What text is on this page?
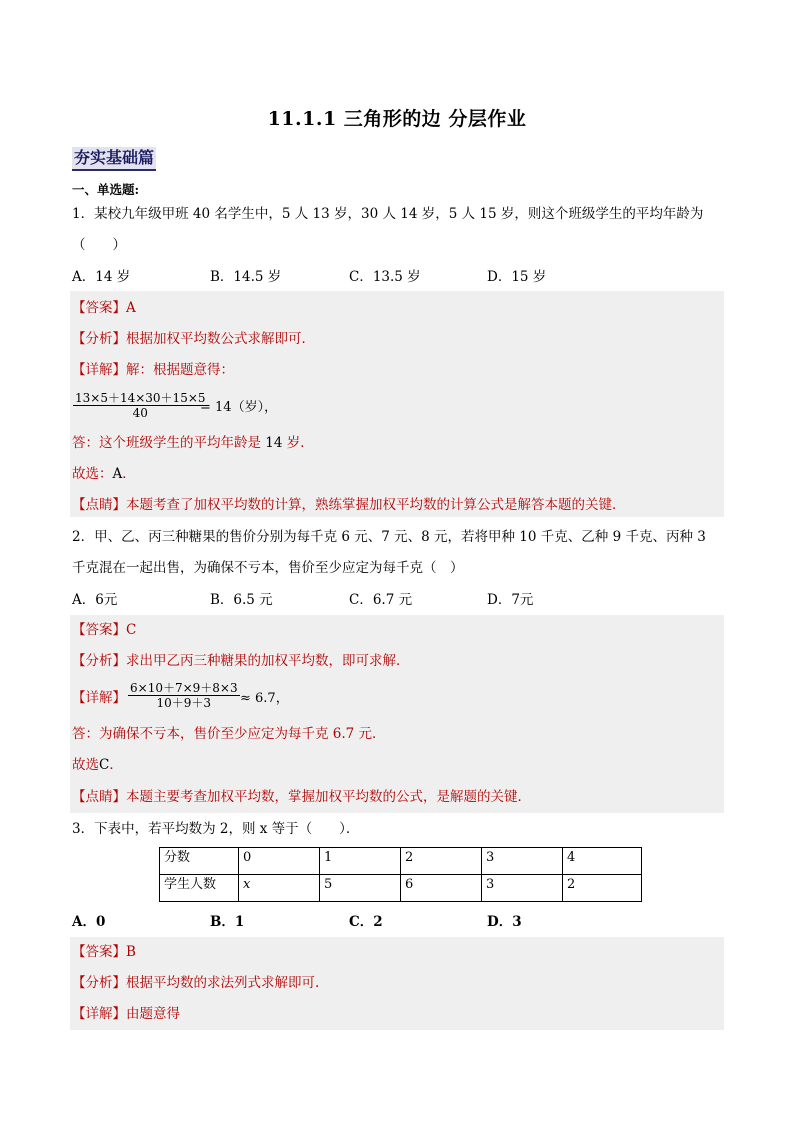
11.1.1 三角形的边 分层作业
夯实基础篇
一、单选题:
1．某校九年级甲班 40 名学生中，5 人 13 岁，30 人 14 岁，5 人 15 岁，则这个班级学生的平均年龄为
（　　）
A．14 岁	B．14.5 岁	C．13.5 岁	D．15 岁
【答案】A
【分析】根据加权平均数公式求解即可．
【详解】解：根据题意得：
$\frac{13\times 5+14\times 30+15\times 5}{40}$
= 14（岁），
答：这个班级学生的平均年龄是 14 岁．
故选：A．
【点睛】本题考查了加权平均数的计算，熟练掌握加权平均数的计算公式是解答本题的关键．
2．甲、乙、丙三种糖果的售价分别为每千克 6 元、7 元、8 元，若将甲种 10 千克、乙种 9 千克、丙种 3
千克混在一起出售，为确保不亏本，售价至少应定为每千克（　）
A．6元	B．6.5 元	C．6.7 元	D．7元
【答案】C
【分析】求出甲乙丙三种糖果的加权平均数，即可求解．
【详解】 $\frac{6\times 10+7\times 9+8\times 3}{10+9+3} \approx 6.7$，
答：为确保不亏本，售价至少应定为每千克 6.7 元．
故选C．
【点睛】本题主要考查加权平均数，掌握加权平均数的公式，是解题的关键．
3．下表中，若平均数为 2，则 x 等于（　　）．
分数	0	1	2	3	4
学生人数	x	5	6	3	2
A．0	B．1	C．2	D．3
【答案】B
【分析】根据平均数的求法列式求解即可.
【详解】由题意得
